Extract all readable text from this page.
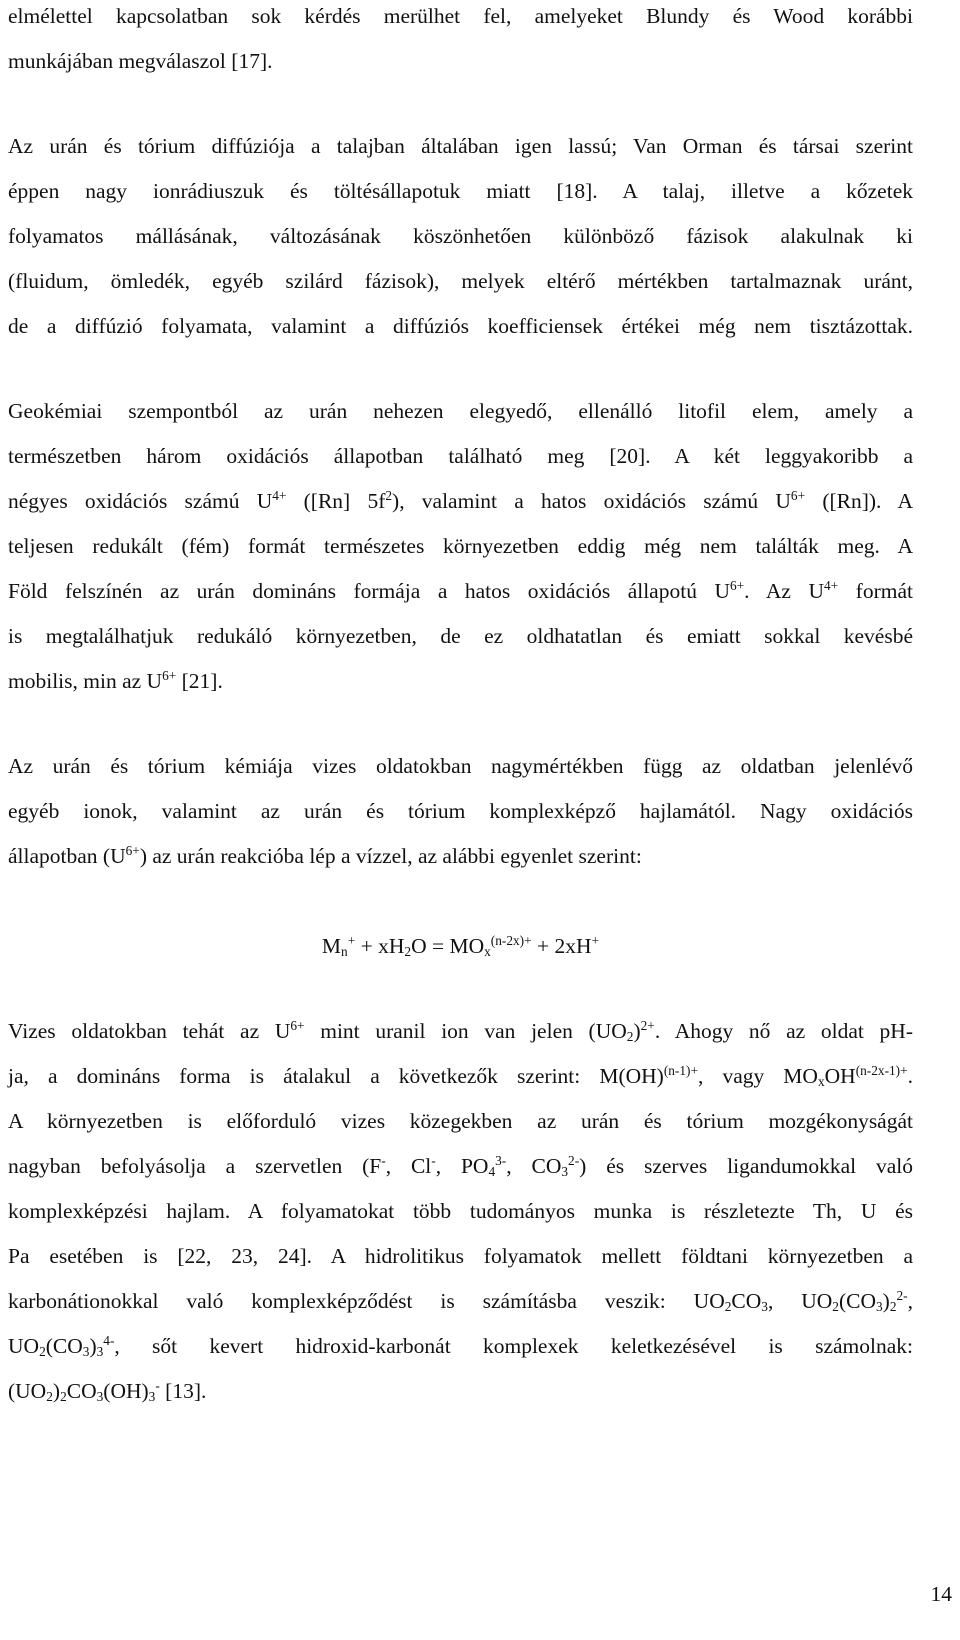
elmélettel kapcsolatban sok kérdés merülhet fel, amelyeket Blundy és Wood korábbi
munkájában megválaszol [17].
Az urán és tórium diffúziója a talajban általában igen lassú; Van Orman és társai szerint
éppen nagy ionrádiuszuk és töltésállapotuk miatt [18]. A talaj, illetve a kőzetek
folyamatos mállásának, változásának köszönhetően különböző fázisok alakulnak ki
(fluidum, ömledék, egyéb szilárd fázisok), melyek eltérő mértékben tartalmaznak uránt,
de a diffúzió folyamata, valamint a diffúziós koefficiensek értékei még nem tisztázottak.
Geokémiai szempontból az urán nehezen elegyedő, ellenálló litofil elem, amely a
természetben három oxidációs állapotban található meg [20]. A két leggyakoribb a
négyes oxidációs számú $U^{4+}$ ([Rn] $5f^2$), valamint a hatos oxidációs számú $U^{6+}$ ([Rn]). A
teljesen redukált (fém) formát természetes környezetben eddig még nem találták meg. A
Föld felszínén az urán domináns formája a hatos oxidációs állapotú $U^{6+}$. Az $U^{4+}$ formát
is megtalálhatjuk redukáló környezetben, de ez oldhatatlan és emiatt sokkal kevésbé
mobilis, min az $U^{6+}$ [21].
Az urán és tórium kémiája vizes oldatokban nagymértékben függ az oldatban jelenlévő
egyéb ionok, valamint az urán és tórium komplexképző hajlamától. Nagy oxidációs
állapotban $(U^{6+})$ az urán reakcióba lép a vízzel, az alábbi egyenlet szerint:
$M_n^+ + xH_2O = MO_x^{(n-2x)+} + 2xH^+$
Vizes oldatokban tehát az $U^{6+}$ mint uranil ion van jelen $(UO_2)^{2+}$. Ahogy nő az oldat pH-
ja, a domináns forma is átalakul a következők szerint: M(OH)$^{(n-1)+}$, vagy $MO_xOH^{(n-2x-1)+}$.
A környezetben is előforduló vizes közegekben az urán és tórium mozgékonyságát
nagyban befolyásolja a szervetlen (F-, Cl-, $PO_4^{3-}$, $CO_3^{2-}$) és szerves ligandumokkal való
komplexképzési hajlam. A folyamatokat több tudományos munka is részletezte Th, U és
Pa esetében is [22, 23, 24]. A hidrolitikus folyamatok mellett földtani környezetben a
karbonátionokkal való komplexképződést is számításba veszik: $UO_2CO_3$, $UO_2(CO_3)_2^{2-}$,
$UO_2(CO_3)_3^{4-}$, sőt kevert hidroxid-karbonát komplexek keletkezésével is számolnak:
$(UO_2)_2CO_3(OH)_3^-$ [13].
14
